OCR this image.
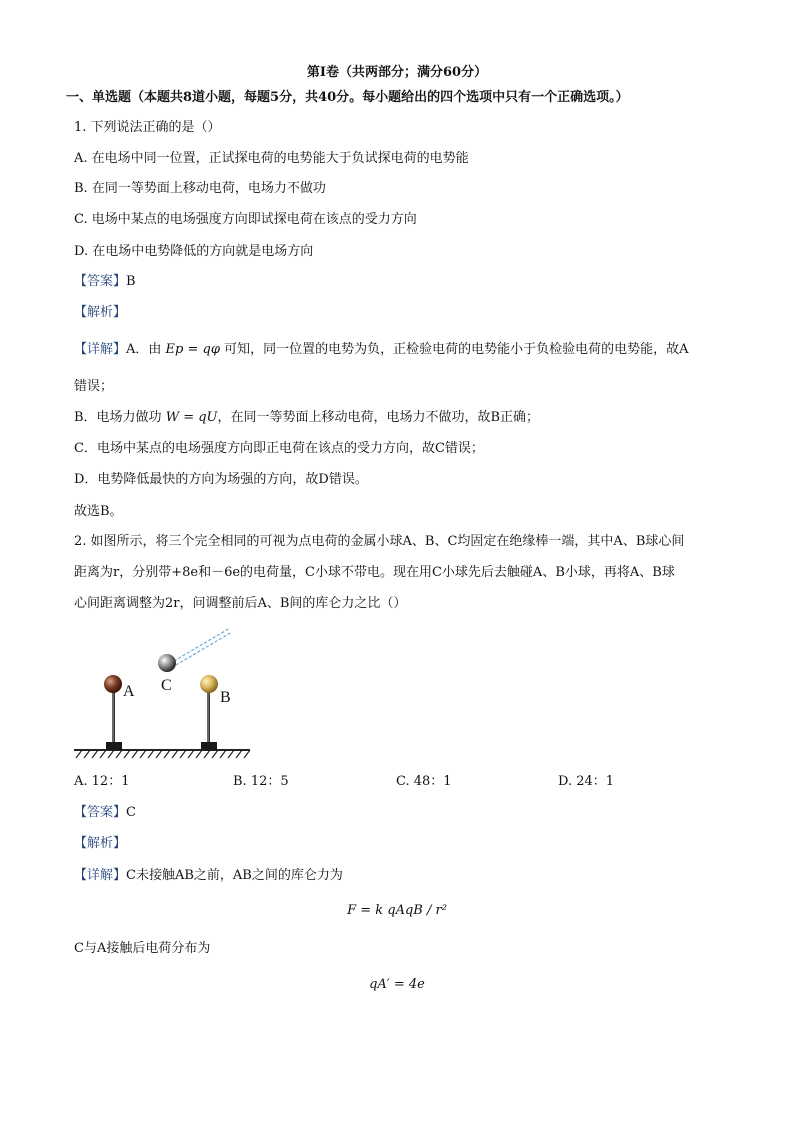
第Ⅰ卷（共两部分；满分60分）
一、单选题（本题共8道小题，每题5分，共40分。每小题给出的四个选项中只有一个正确选项。）
1. 下列说法正确的是（）
A. 在电场中同一位置，正试探电荷的电势能大于负试探电荷的电势能
B. 在同一等势面上移动电荷，电场力不做功
C. 电场中某点的电场强度方向即试探电荷在该点的受力方向
D. 在电场中电势降低的方向就是电场方向
【答案】B
【解析】
【详解】A．由 Ep = qφ 可知，同一位置的电势为负，正检验电荷的电势能小于负检验电荷的电势能，故A
错误；
B．电场力做功 W = qU，在同一等势面上移动电荷，电场力不做功，故B正确；
C．电场中某点的电场强度方向即正电荷在该点的受力方向，故C错误；
D．电势降低最快的方向为场强的方向，故D错误。
故选B。
2. 如图所示，将三个完全相同的可视为点电荷的金属小球A、B、C均固定在绝缘棒一端，其中A、B球心间
距离为r，分别带+8e和－6e的电荷量，C小球不带电。现在用C小球先后去触碰A、B小球，再将A、B球
心间距离调整为2r，问调整前后A、B间的库仑力之比（）
A	B
C
A. 12：1	B. 12：5	C. 48：1	D. 24：1
【答案】C
【解析】
【详解】C未接触AB之前，AB之间的库仑力为
F = k qAqB / r²
C与A接触后电荷分布为
qA′ = 4e
